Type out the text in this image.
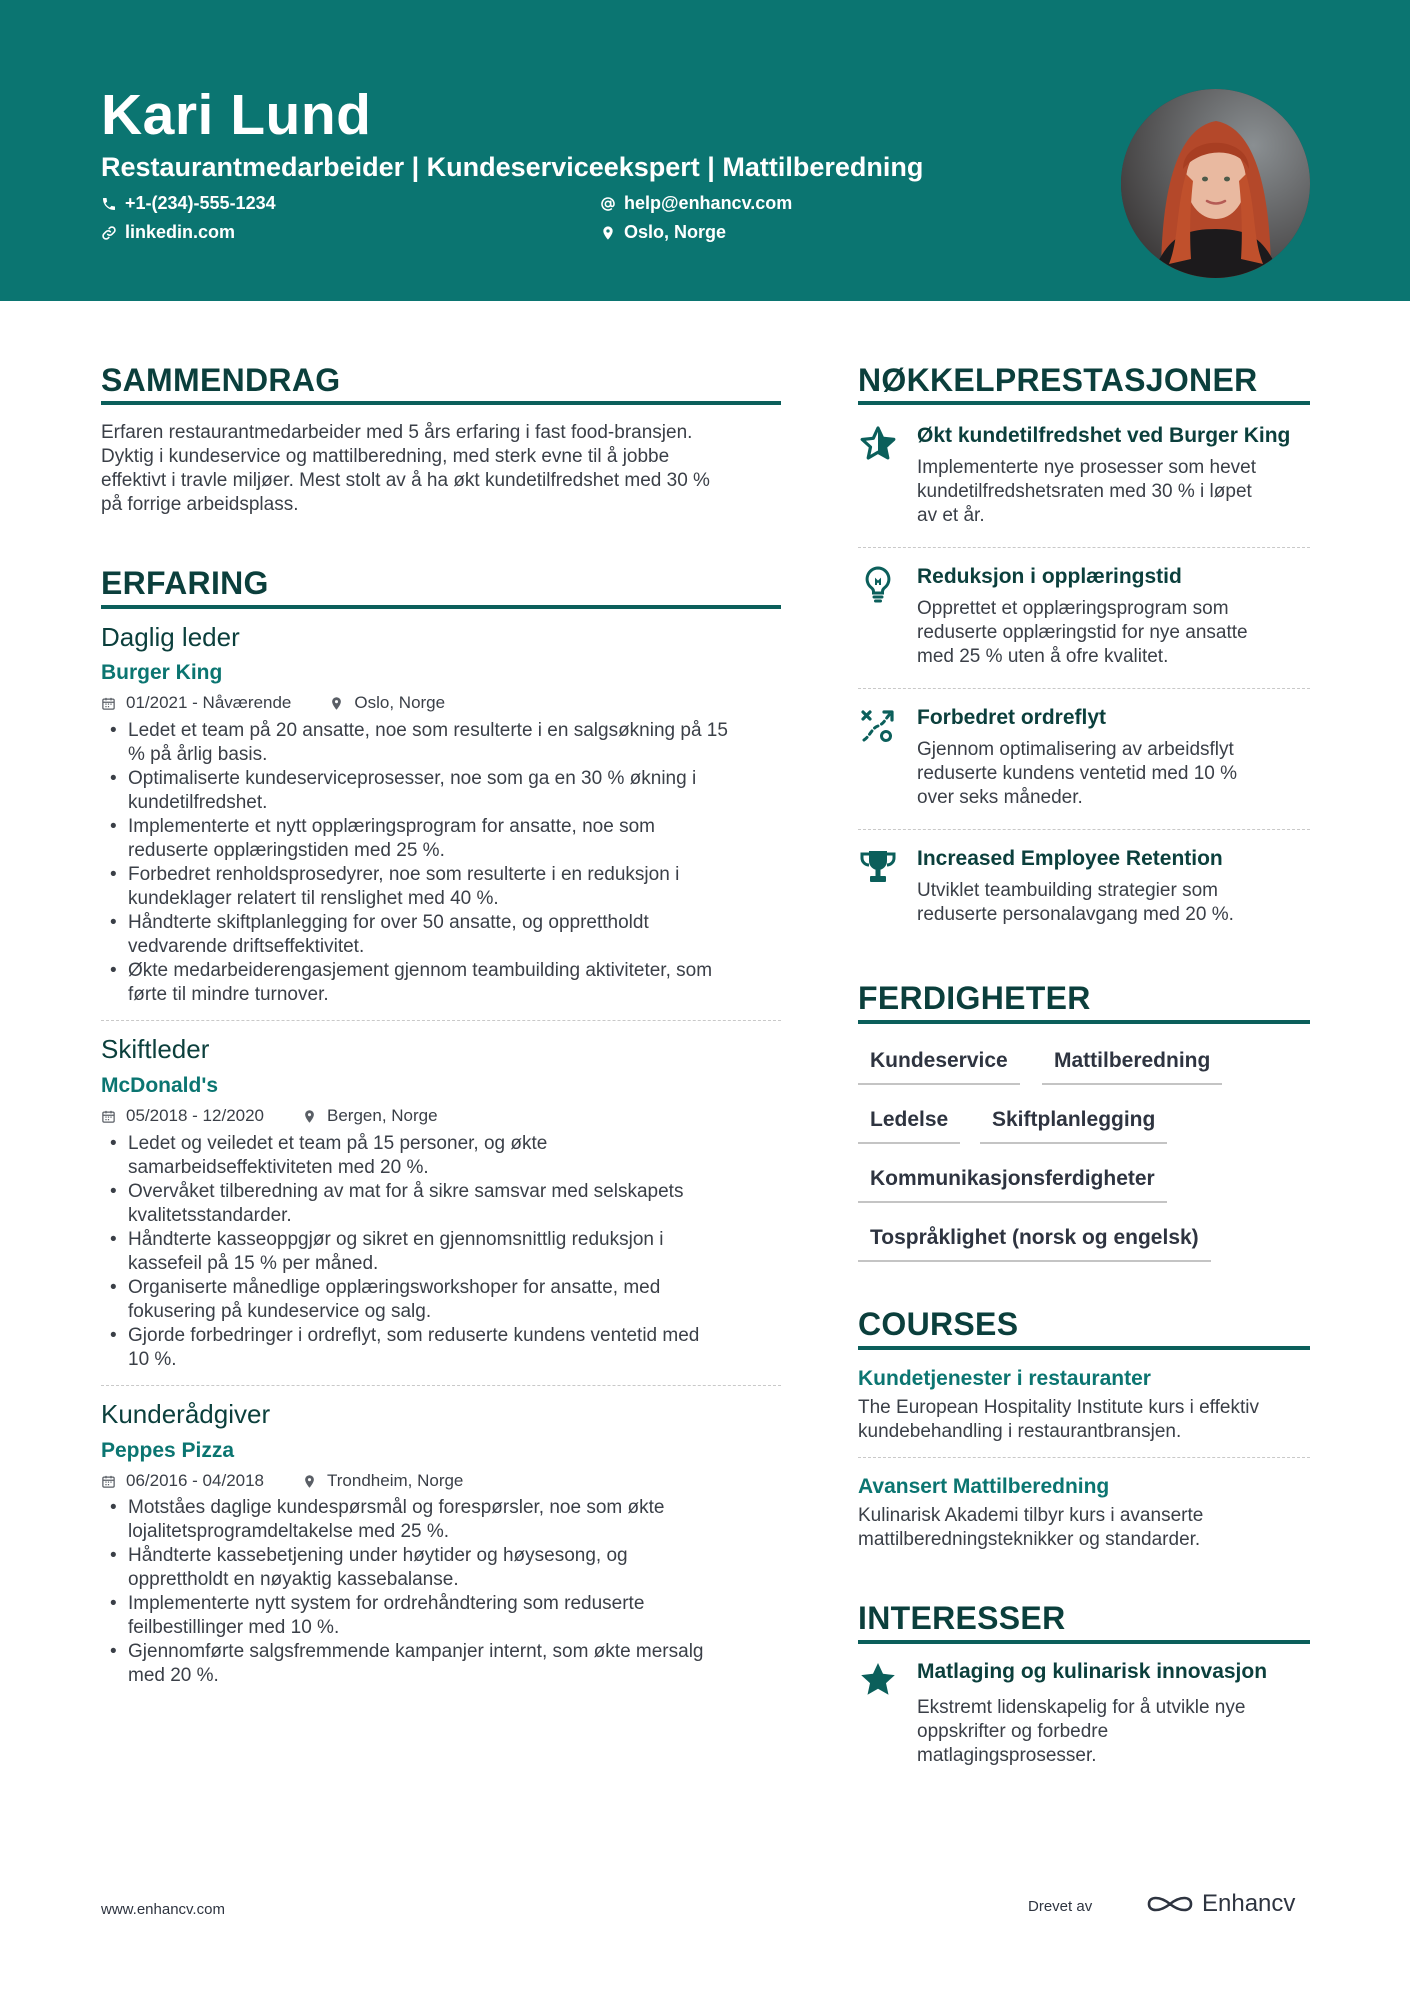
Kari Lund
Restaurantmedarbeider | Kundeserviceekspert | Mattilberedning
+1-(234)-555-1234	help@enhancv.com
linkedin.com	Oslo, Norge
SAMMENDRAG
Erfaren restaurantmedarbeider med 5 års erfaring i fast food-bransjen.
Dyktig i kundeservice og mattilberedning, med sterk evne til å jobbe
effektivt i travle miljøer. Mest stolt av å ha økt kundetilfredshet med 30 %
på forrige arbeidsplass.
ERFARING
Daglig leder
Burger King
01/2021 - Nåværende	Oslo, Norge
• Ledet et team på 20 ansatte, noe som resulterte i en salgsøkning på 15
% på årlig basis.
• Optimaliserte kundeserviceprosesser, noe som ga en 30 % økning i
kundetilfredshet.
• Implementerte et nytt opplæringsprogram for ansatte, noe som
reduserte opplæringstiden med 25 %.
• Forbedret renholdsprosedyrer, noe som resulterte i en reduksjon i
kundeklager relatert til renslighet med 40 %.
• Håndterte skiftplanlegging for over 50 ansatte, og opprettholdt
vedvarende driftseffektivitet.
• Økte medarbeiderengasjement gjennom teambuilding aktiviteter, som
førte til mindre turnover.
Skiftleder
McDonald's
05/2018 - 12/2020	Bergen, Norge
• Ledet og veiledet et team på 15 personer, og økte
samarbeidseffektiviteten med 20 %.
• Overvåket tilberedning av mat for å sikre samsvar med selskapets
kvalitetsstandarder.
• Håndterte kasseoppgjør og sikret en gjennomsnittlig reduksjon i
kassefeil på 15 % per måned.
• Organiserte månedlige opplæringsworkshoper for ansatte, med
fokusering på kundeservice og salg.
• Gjorde forbedringer i ordreflyt, som reduserte kundens ventetid med
10 %.
Kunderådgiver
Peppes Pizza
06/2016 - 04/2018	Trondheim, Norge
• Motståes daglige kundespørsmål og forespørsler, noe som økte
lojalitetsprogramdeltakelse med 25 %.
• Håndterte kassebetjening under høytider og høysesong, og
opprettholdt en nøyaktig kassebalanse.
• Implementerte nytt system for ordrehåndtering som reduserte
feilbestillinger med 10 %.
• Gjennomførte salgsfremmende kampanjer internt, som økte mersalg
med 20 %.
NØKKELPRESTASJONER
Økt kundetilfredshet ved Burger King
Implementerte nye prosesser som hevet
kundetilfredshetsraten med 30 % i løpet
av et år.
Reduksjon i opplæringstid
Opprettet et opplæringsprogram som
reduserte opplæringstid for nye ansatte
med 25 % uten å ofre kvalitet.
Forbedret ordreflyt
Gjennom optimalisering av arbeidsflyt
reduserte kundens ventetid med 10 %
over seks måneder.
Increased Employee Retention
Utviklet teambuilding strategier som
reduserte personalavgang med 20 %.
FERDIGHETER
Kundeservice	Mattilberedning
Ledelse	Skiftplanlegging
Kommunikasjonsferdigheter
Tospråklighet (norsk og engelsk)
COURSES
Kundetjenester i restauranter
The European Hospitality Institute kurs i effektiv
kundebehandling i restaurantbransjen.
Avansert Mattilberedning
Kulinarisk Akademi tilbyr kurs i avanserte
mattilberedningsteknikker og standarder.
INTERESSER
Matlaging og kulinarisk innovasjon
Ekstremt lidenskapelig for å utvikle nye
oppskrifter og forbedre
matlagingsprosesser.
www.enhancv.com	Drevet av	Enhancv
